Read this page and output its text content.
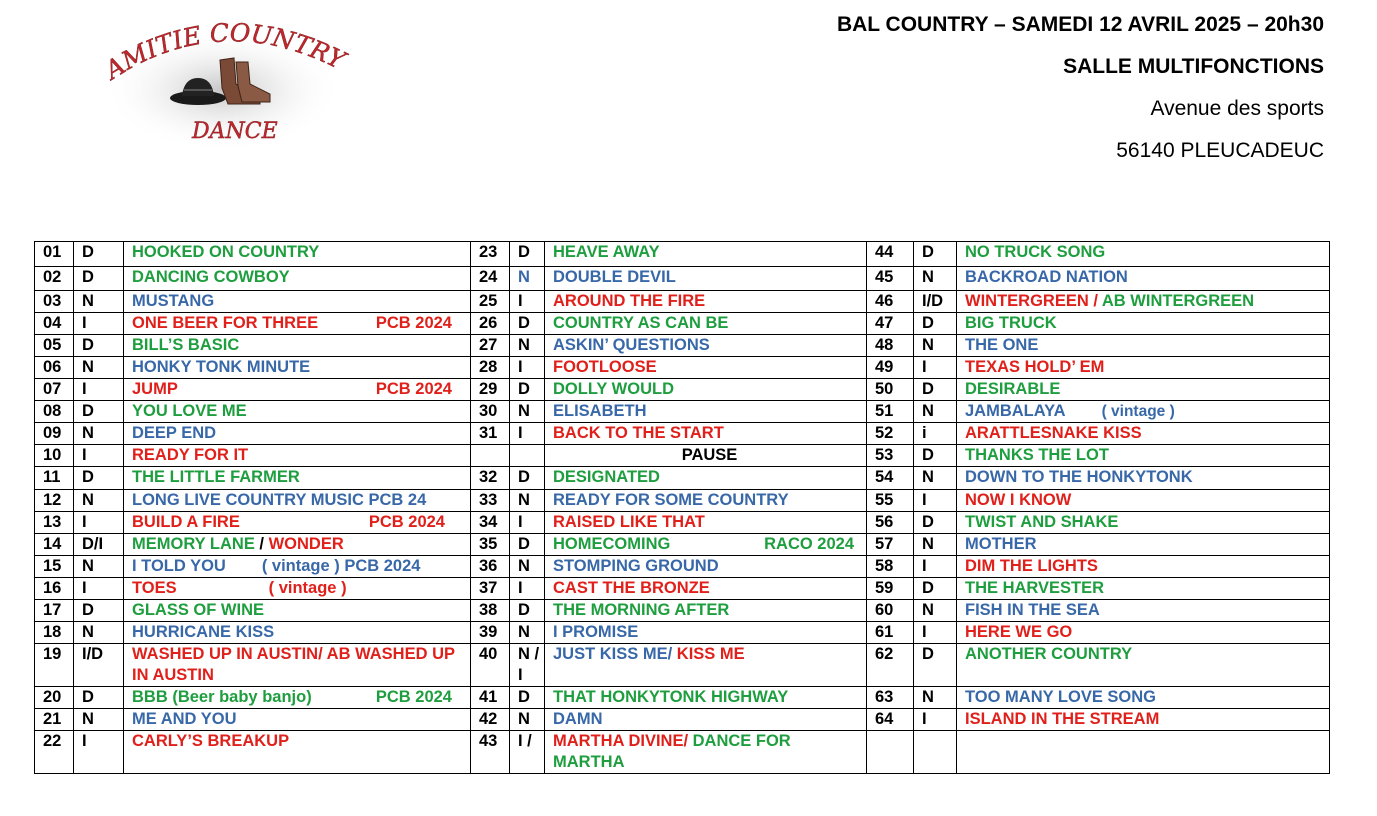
AMITIE COUNTRY
DANCE
BAL COUNTRY – SAMEDI 12 AVRIL 2025 – 20h30
SALLE MULTIFONCTIONS
Avenue des sports
56140 PLEUCADEUC
01	D	HOOKED ON COUNTRY	23	D	HEAVE AWAY	44	D	NO TRUCK SONG
02	D	DANCING COWBOY	24	N	DOUBLE DEVIL	45	N	BACKROAD NATION
03	N	MUSTANG	25	I	AROUND THE FIRE	46	I/D	WINTERGREEN / AB WINTERGREEN
04	I	ONE BEER FOR THREE PCB 2024	26	D	COUNTRY AS CAN BE	47	D	BIG TRUCK
05	D	BILL’S BASIC	27	N	ASKIN’ QUESTIONS	48	N	THE ONE
06	N	HONKY TONK MINUTE	28	I	FOOTLOOSE	49	I	TEXAS HOLD’ EM
07	I	JUMP PCB 2024	29	D	DOLLY WOULD	50	D	DESIRABLE
08	D	YOU LOVE ME	30	N	ELISABETH	51	N	JAMBALAYA ( vintage )
09	N	DEEP END	31	I	BACK TO THE START	52	i	ARATTLESNAKE KISS
10	I	READY FOR IT			PAUSE	53	D	THANKS THE LOT
11	D	THE LITTLE FARMER	32	D	DESIGNATED	54	N	DOWN TO THE HONKYTONK
12	N	LONG LIVE COUNTRY MUSIC PCB 24	33	N	READY FOR SOME COUNTRY	55	I	NOW I KNOW
13	I	BUILD A FIRE PCB 2024	34	I	RAISED LIKE THAT	56	D	TWIST AND SHAKE
14	D/I	MEMORY LANE / WONDER	35	D	HOMECOMING RACO 2024	57	N	MOTHER
15	N	I TOLD YOU ( vintage ) PCB 2024	36	N	STOMPING GROUND	58	I	DIM THE LIGHTS
16	I	TOES ( vintage )	37	I	CAST THE BRONZE	59	D	THE HARVESTER
17	D	GLASS OF WINE	38	D	THE MORNING AFTER	60	N	FISH IN THE SEA
18	N	HURRICANE KISS	39	N	I PROMISE	61	I	HERE WE GO
19	I/D	WASHED UP IN AUSTIN/ AB WASHED UP IN AUSTIN	40	N / I	JUST KISS ME/ KISS ME	62	D	ANOTHER COUNTRY
20	D	BBB (Beer baby banjo) PCB 2024	41	D	THAT HONKYTONK HIGHWAY	63	N	TOO MANY LOVE SONG
21	N	ME AND YOU	42	N	DAMN	64	I	ISLAND IN THE STREAM
22	I	CARLY’S BREAKUP	43	I /	MARTHA DIVINE/ DANCE FOR MARTHA			
